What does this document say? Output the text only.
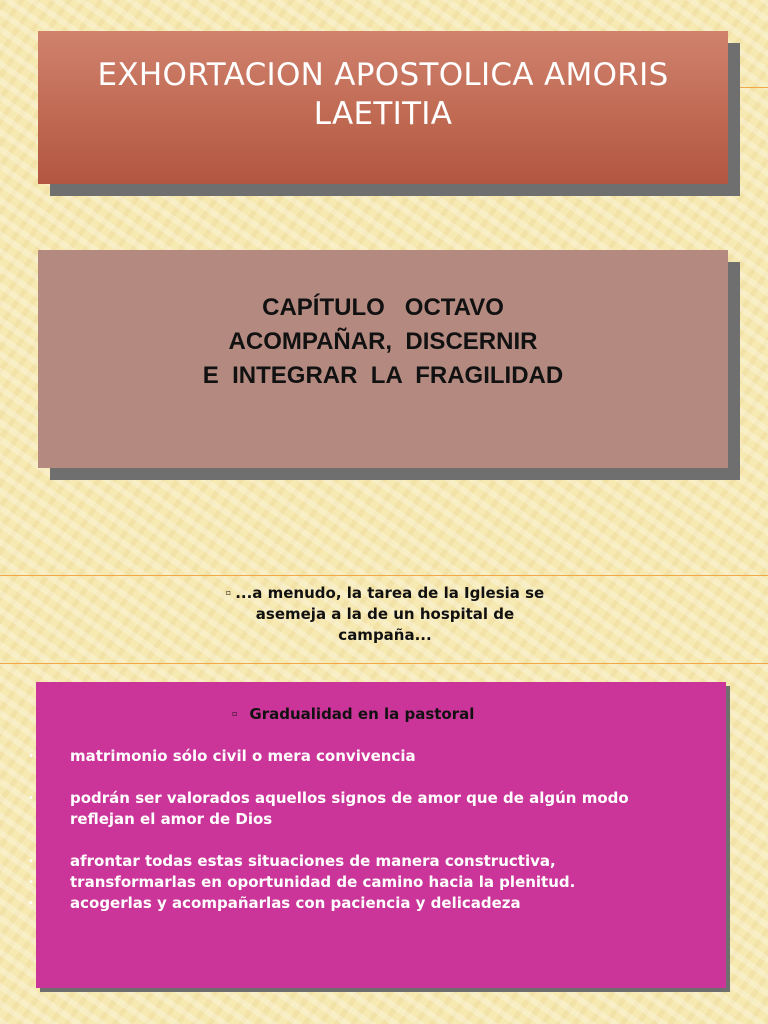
EXHORTACION APOSTOLICA AMORIS
LAETITIA
CAPÍTULO   OCTAVO
ACOMPAÑAR,  DISCERNIR
E  INTEGRAR  LA  FRAGILIDAD
▫ ...a menudo, la tarea de la Iglesia se
asemeja a la de un hospital de
campaña...
▫ Gradualidad en la pastoral
• matrimonio sólo civil o mera convivencia
• podrán ser valorados aquellos signos de amor que de algún modo
reflejan el amor de Dios
• afrontar todas estas situaciones de manera constructiva,
• transformarlas en oportunidad de camino hacia la plenitud.
• acogerlas y acompañarlas con paciencia y delicadeza
